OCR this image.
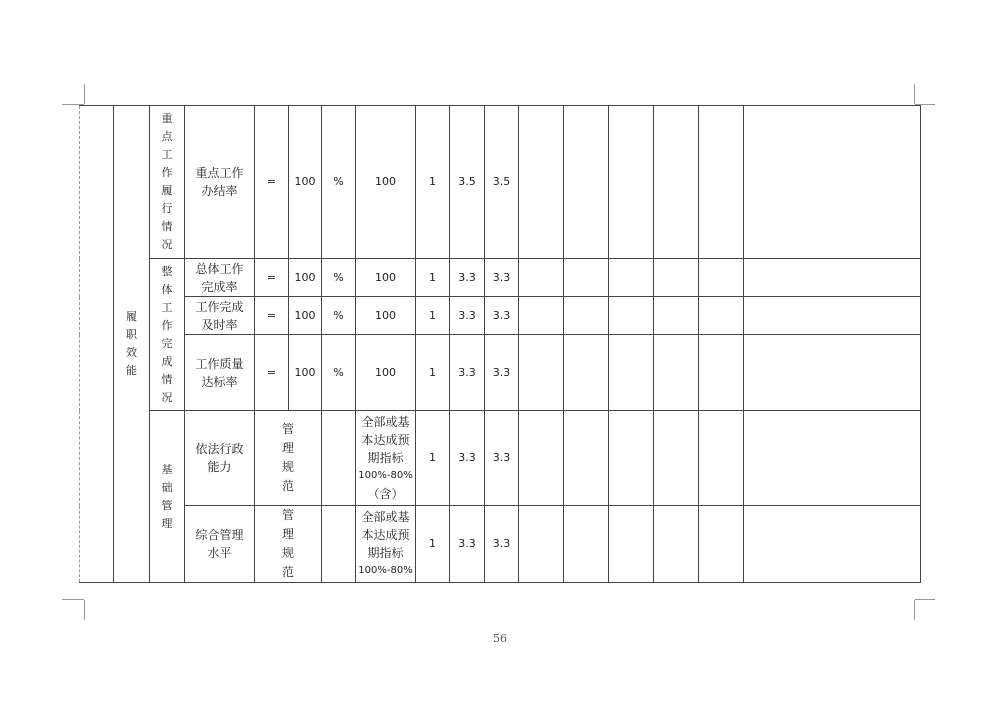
	履职效能	重点工作履行情况	重点工作办结率	=	100	%	100	1	3.5	3.5						

		整体工作完成情况	总体工作完成率	=	100	%	100	1	3.3	3.3						

			工作完成及时率	=	100	%	100	1	3.3	3.3						

			工作质量达标率	=	100	%	100	1	3.3	3.3						

		基础管理	依法行政能力	管理规范			全部或基
本达成预
期指标
100%-80%
（含）	1	3.3	3.3						

			综合管理水平	管理规范			全部或基
本达成预
期指标
100%-80%	1	3.3	3.3						
56
